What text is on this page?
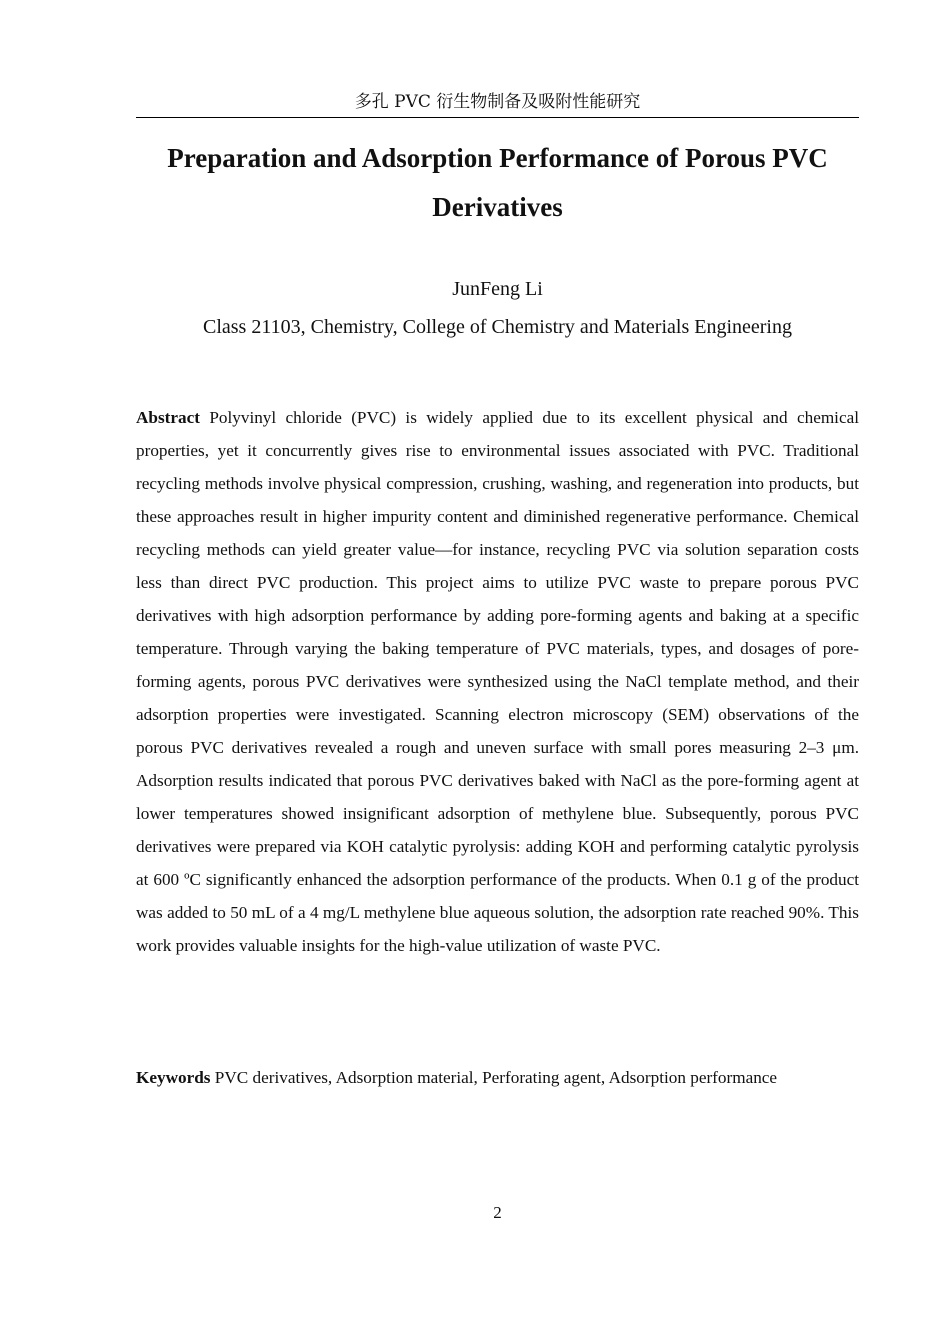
多孔 PVC 衍生物制备及吸附性能研究
Preparation and Adsorption Performance of Porous PVC Derivatives
JunFeng Li
Class 21103, Chemistry, College of Chemistry and Materials Engineering

Abstract Polyvinyl chloride (PVC) is widely applied due to its excellent physical and chemical properties, yet it concurrently gives rise to environmental issues associated with PVC. Traditional recycling methods involve physical compression, crushing, washing, and regeneration into products, but these approaches result in higher impurity content and diminished regenerative performance. Chemical recycling methods can yield greater value—for instance, recycling PVC via solution separation costs less than direct PVC production. This project aims to utilize PVC waste to prepare porous PVC derivatives with high adsorption performance by adding pore-forming agents and baking at a specific temperature. Through varying the baking temperature of PVC materials, types, and dosages of pore-forming agents, porous PVC derivatives were synthesized using the NaCl template method, and their adsorption properties were investigated. Scanning electron microscopy (SEM) observations of the porous PVC derivatives revealed a rough and uneven surface with small pores measuring 2–3 μm. Adsorption results indicated that porous PVC derivatives baked with NaCl as the pore-forming agent at lower temperatures showed insignificant adsorption of methylene blue. Subsequently, porous PVC derivatives were prepared via KOH catalytic pyrolysis: adding KOH and performing catalytic pyrolysis at 600 ºC significantly enhanced the adsorption performance of the products. When 0.1 g of the product was added to 50 mL of a 4 mg/L methylene blue aqueous solution, the adsorption rate reached 90%. This work provides valuable insights for the high-value utilization of waste PVC.

Keywords PVC derivatives, Adsorption material, Perforating agent, Adsorption performance

2
